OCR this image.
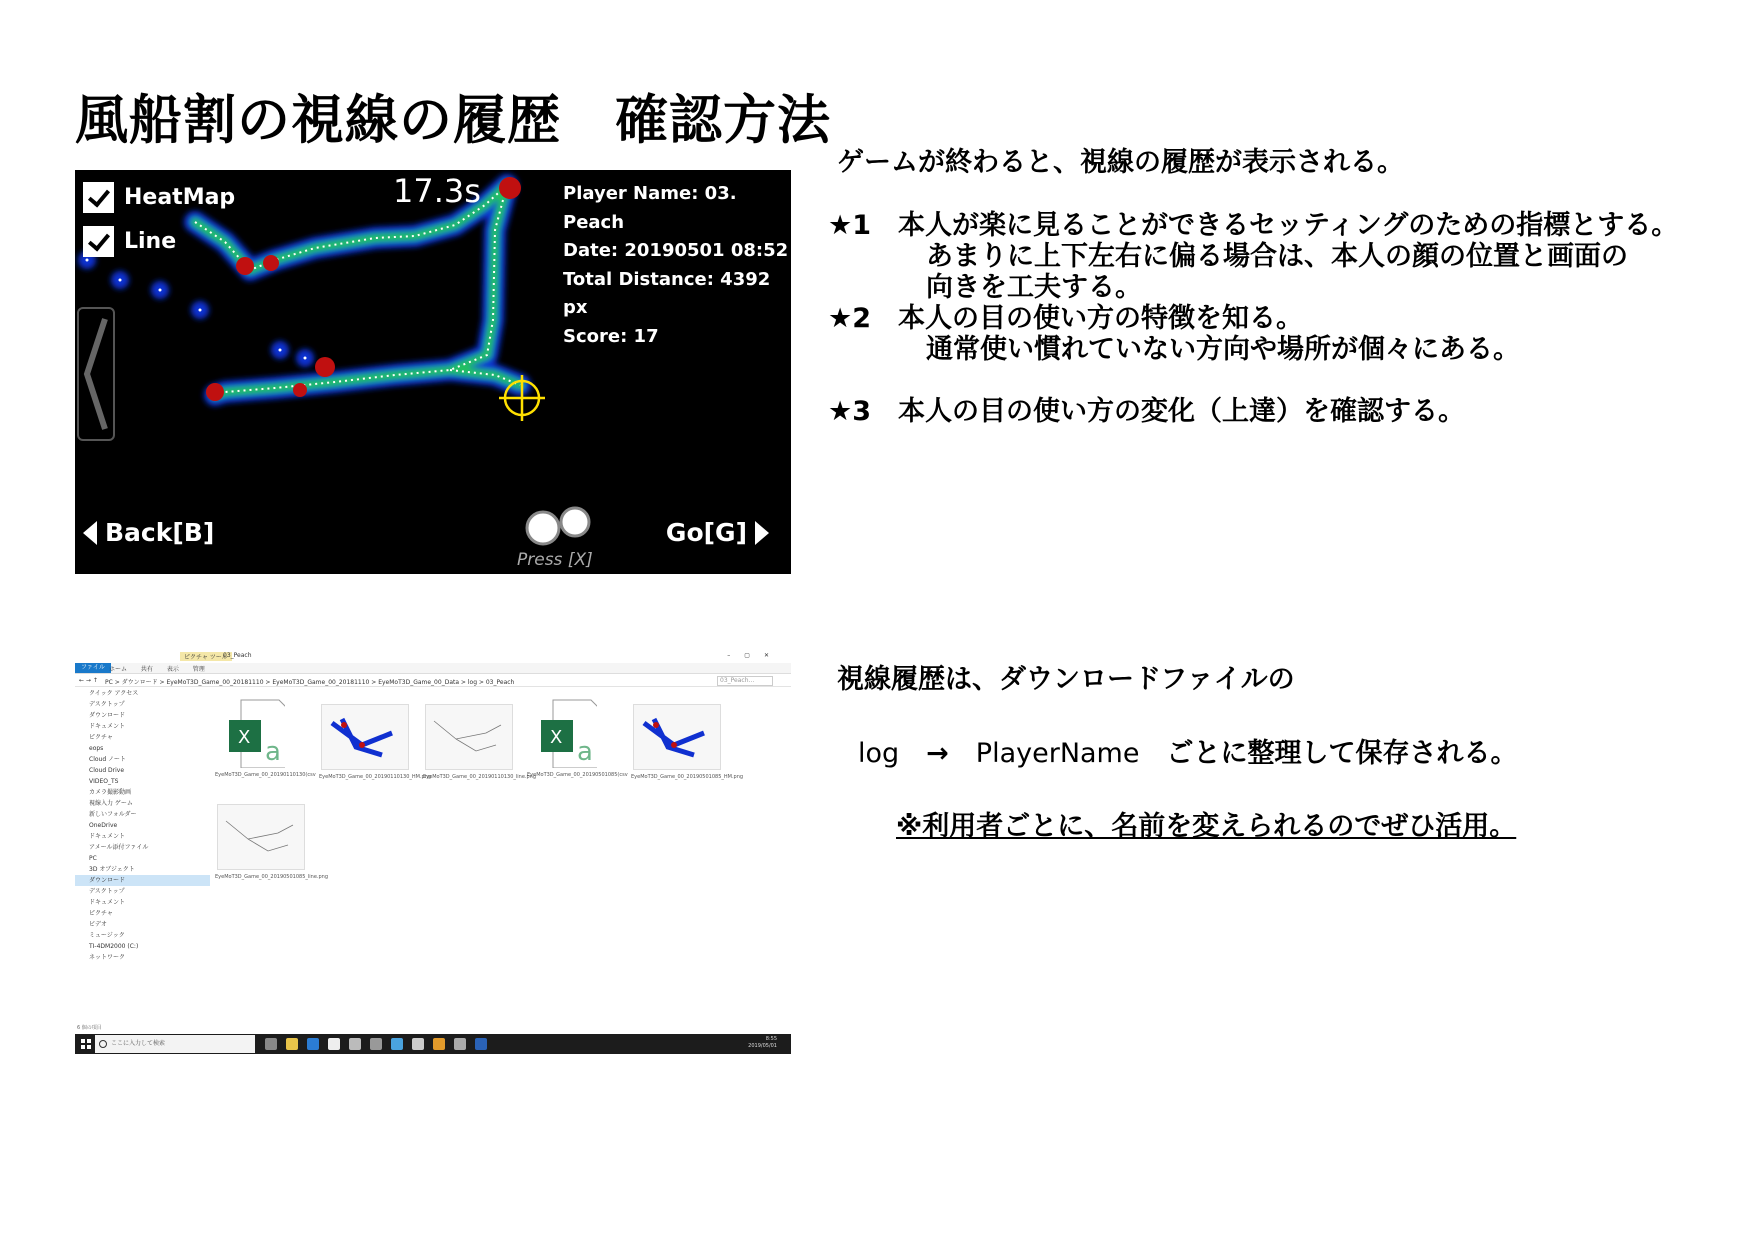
風船割の視線の履歴　確認方法
HeatMap
Line
17.3s	Player Name: 03. Peach
Date: 20190501 08:52
Total Distance: 4392 px
Score: 17
Back[B]
Press [X]
Go[G]
ピクチャ ツール
03_Peach	–▢✕
ファイル ホーム 共有 表示 管理
← → ↑ PC > ダウンロード > EyeMoT3D_Game_00_20181110 > EyeMoT3D_Game_00_20181110 > EyeMoT3D_Game_00_Data > log > 03_Peach	03_Peach...
クイック アクセス
デスクトップ
ダウンロード
ドキュメント
ピクチャ
eops
Cloud ノート
Cloud Drive
VIDEO_TS
カメラ撮影動画
視線入力 ゲーム
新しいフォルダー
OneDrive
ドキュメント
アメール添付ファイル
PC
3D オブジェクト
ダウンロード
デスクトップ
ドキュメント
ピクチャ
ビデオ
ミュージック
TI-4DM2000 (C:)
ネットワーク
X a
EyeMoT3D_Game_00_20190110130(csv EyeMoT3D_Game_00_20190110130_HM.png
EyeMoT3D_Game_00_20190110130_line.png
X a
EyeMoT3D_Game_00_20190501085(csv EyeMoT3D_Game_00_20190501085_HM.png
EyeMoT3D_Game_00_20190501085_line.png
6 個の項目
ここに入力して検索
8:55
2019/05/01
ゲームが終わると、視線の履歴が表示される。
★1　本人が楽に見ることができるセッティングのための指標とする。
あまりに上下左右に偏る場合は、本人の顔の位置と画面の
向きを工夫する。
★2　本人の目の使い方の特徴を知る。
通常使い慣れていない方向や場所が個々にある。
★3　本人の目の使い方の変化（上達）を確認する。
視線履歴は、ダウンロードファイルの
log　→　PlayerName　ごとに整理して保存される。
※利用者ごとに、名前を変えられるのでぜひ活用。
